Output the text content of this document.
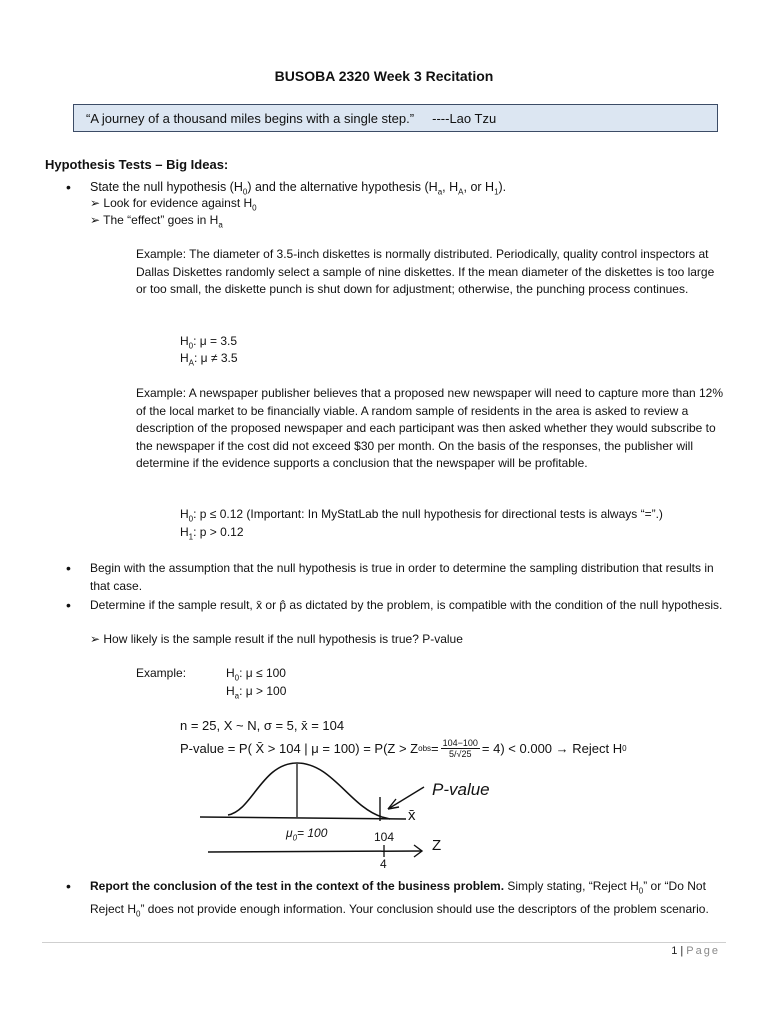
BUSOBA 2320 Week 3 Recitation
“A journey of a thousand miles begins with a single step.”     ----Lao Tzu
Hypothesis Tests – Big Ideas:
• State the null hypothesis $(H_0)$ and the alternative hypothesis ($H_a$, $H_A$, or $H_1$).
➢ Look for evidence against $H_0$
➢ The “effect” goes in $H_a$
Example: The diameter of 3.5-inch diskettes is normally distributed. Periodically, quality control inspectors at Dallas Diskettes randomly select a sample of nine diskettes. If the mean diameter of the diskettes is too large or too small, the diskette punch is shut down for adjustment; otherwise, the punching process continues.
$H_0$: μ = 3.5
$H_A$: μ ≠ 3.5
Example: A newspaper publisher believes that a proposed new newspaper will need to capture more than 12% of the local market to be financially viable. A random sample of residents in the area is asked to review a description of the proposed newspaper and each participant was then asked whether they would subscribe to the newspaper if the cost did not exceed $30 per month. On the basis of the responses, the publisher will determine if the evidence supports a conclusion that the newspaper will be profitable.
$H_0$: p ≤ 0.12 (Important: In MyStatLab the null hypothesis for directional tests is always “=”.)
$H_1$: p > 0.12
• Begin with the assumption that the null hypothesis is true in order to determine the sampling distribution that results in that case.
• Determine if the sample result, x̄ or p̂ as dictated by the problem, is compatible with the condition of the null hypothesis.
➢ How likely is the sample result if the null hypothesis is true? P-value
Example:	$H_0$: μ ≤ 100
$H_a$: μ > 100
n = 25, X ~ N, σ = 5, x̄ = 104
P-value = P( X̄ > 104 | μ = 100) = P(Z > Z obs = $\frac{104-100}{5/√25} = 4) < 0.000$ → Reject H 0
P-value
x̄
$\mu_0= 100$	104	Z
4
• Report the conclusion of the test in the context of the business problem. Simply stating, “Reject $H_0$” or “Do Not Reject $H_0$” does not provide enough information. Your conclusion should use the descriptors of the problem scenario.
1 | Page
